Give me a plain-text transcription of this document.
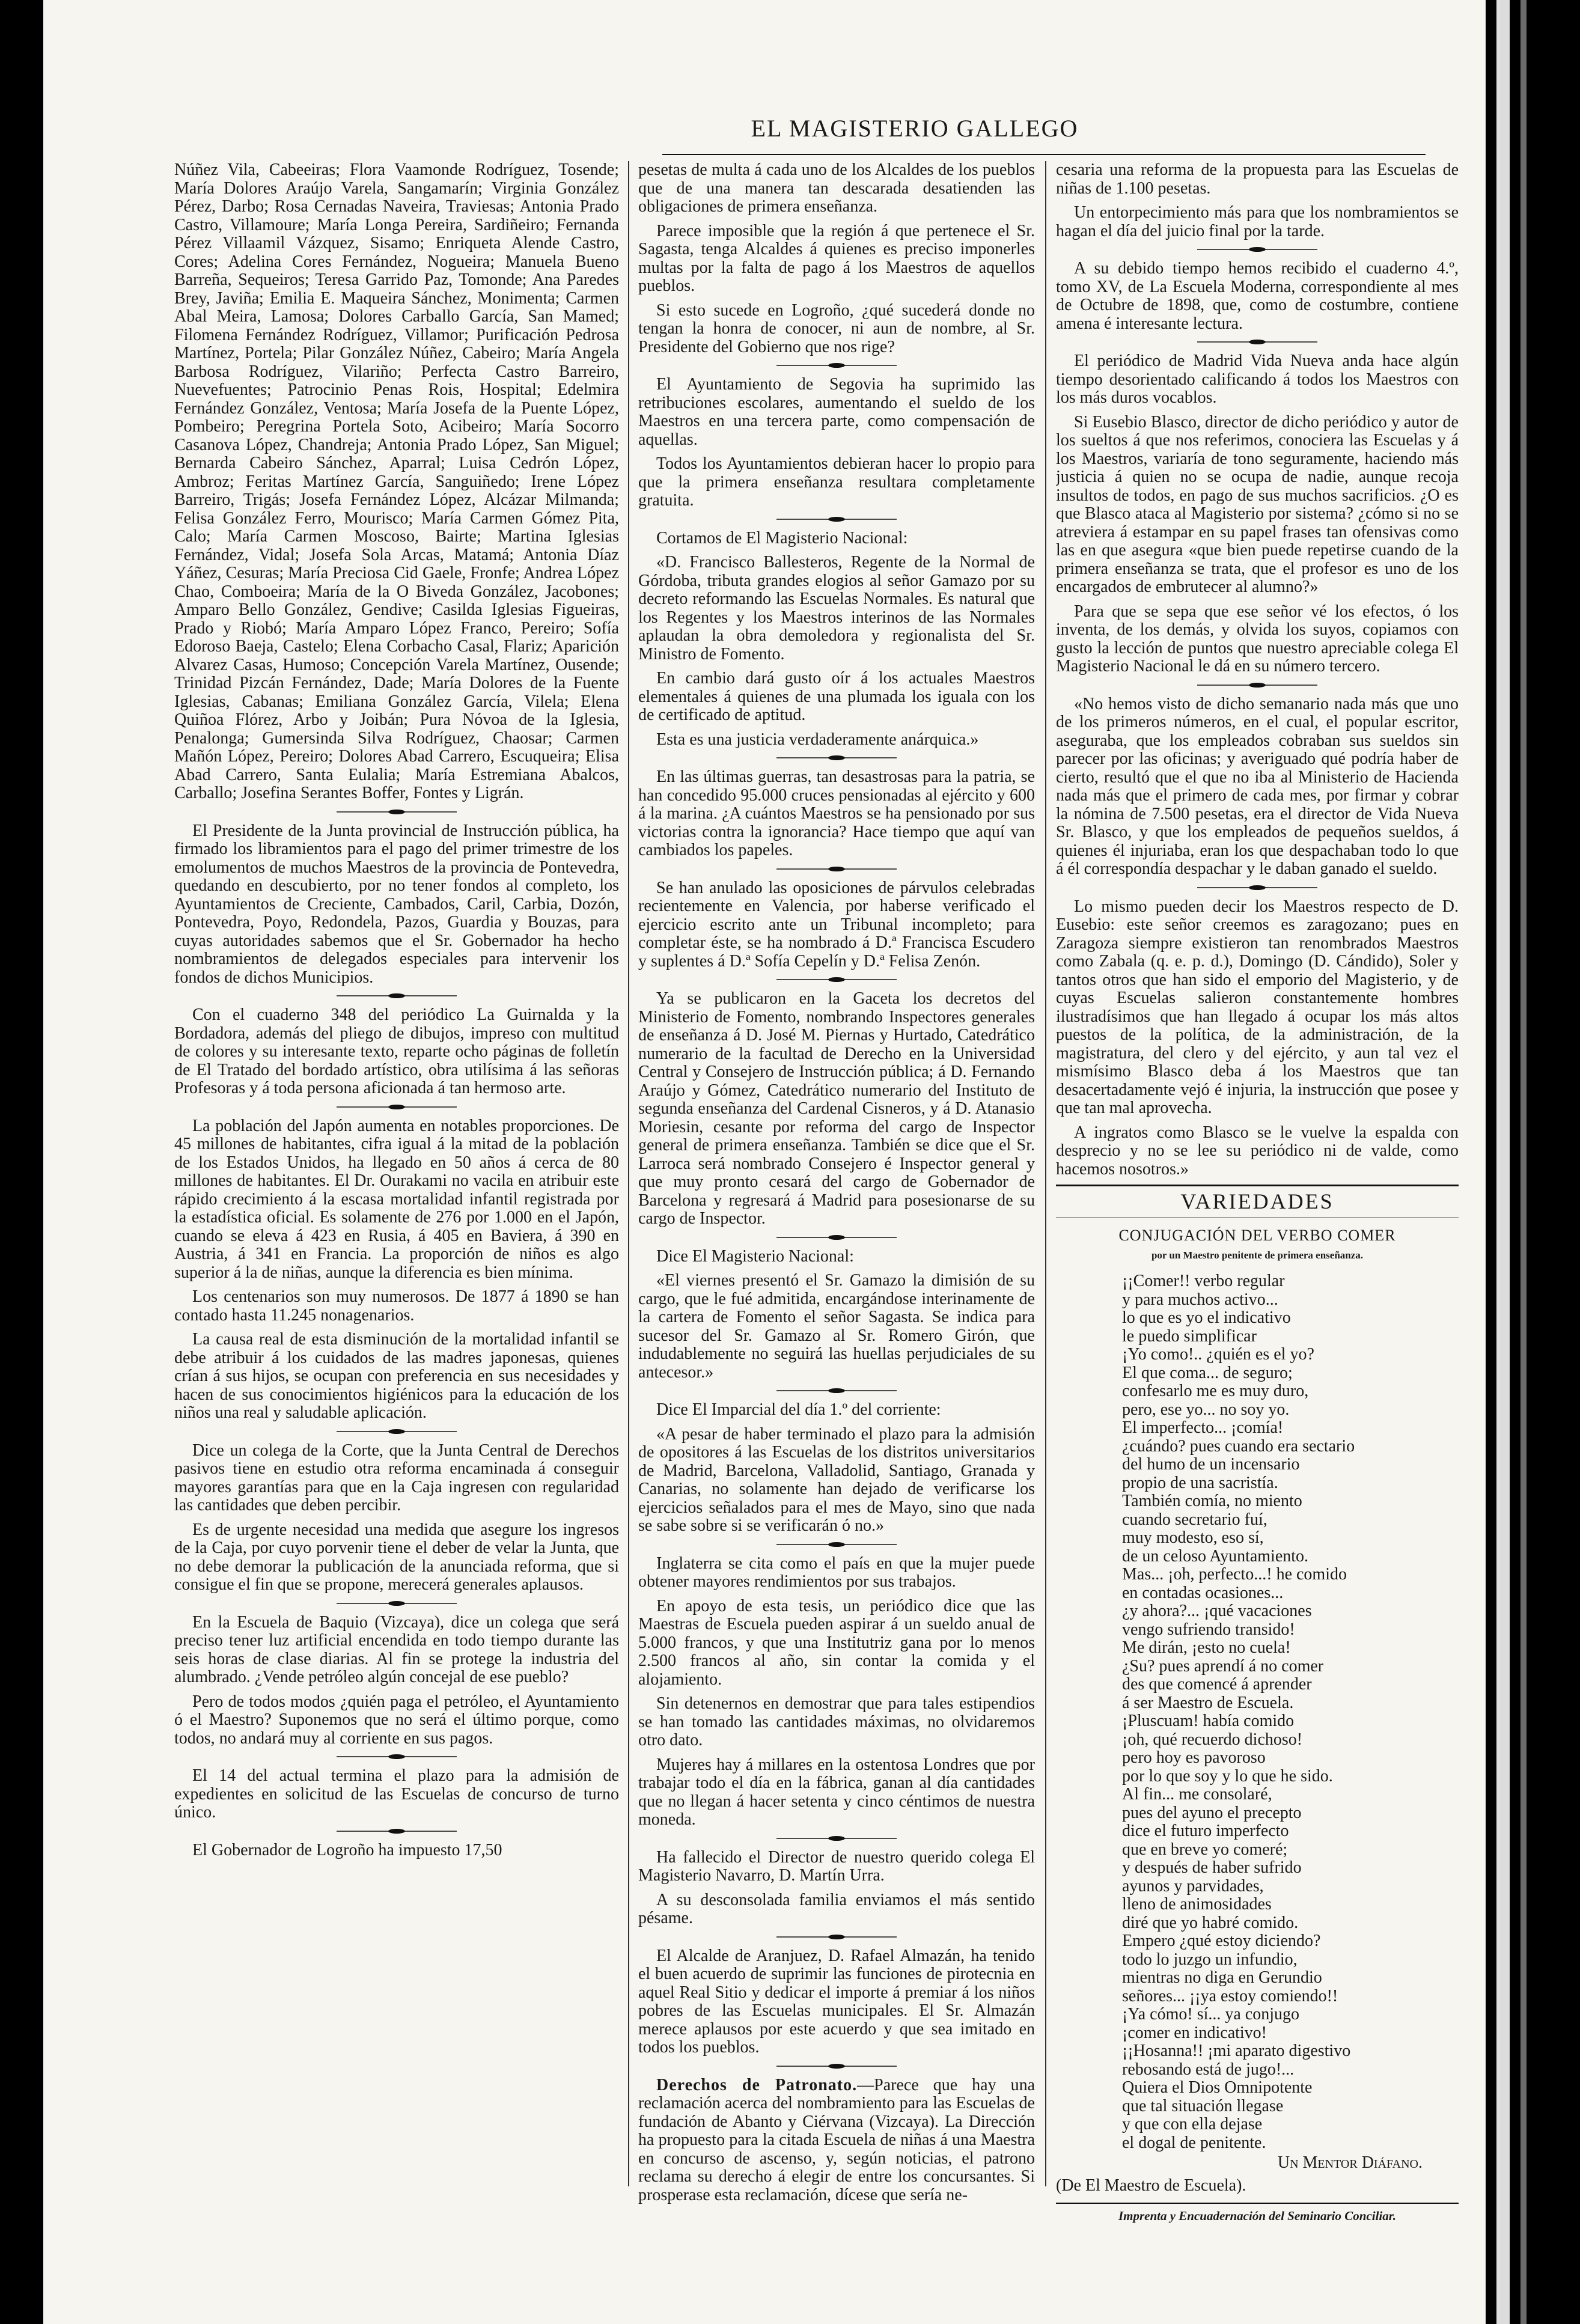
EL MAGISTERIO GALLEGO

Núñez Vila, Cabeeiras; Flora Vaamonde Rodríguez, Tosende; María Dolores Araújo Varela, Sangamarín; Virginia González Pérez, Darbo; Rosa Cernadas Naveira, Traviesas; Antonia Prado Castro, Villamoure; María Longa Pereira, Sardiñeiro; Fernanda Pérez Villaamil Vázquez, Sisamo; Enriqueta Alende Castro, Cores; Adelina Cores Fernández, Nogueira; Manuela Bueno Barreña, Sequeiros; Teresa Garrido Paz, Tomonde; Ana Paredes Brey, Javiña; Emilia E. Maqueira Sánchez, Monimenta; Carmen Abal Meira, Lamosa; Dolores Carballo García, San Mamed; Filomena Fernández Rodríguez, Villamor; Purificación Pedrosa Martínez, Portela; Pilar González Núñez, Cabeiro; María Angela Barbosa Rodríguez, Vilariño; Perfecta Castro Barreiro, Nuevefuentes; Patrocinio Penas Rois, Hospital; Edelmira Fernández González, Ventosa; María Josefa de la Puente López, Pombeiro; Peregrina Portela Soto, Acibeiro; María Socorro Casanova López, Chandreja; Antonia Prado López, San Miguel; Bernarda Cabeiro Sánchez, Aparral; Luisa Cedrón López, Ambroz; Feritas Martínez García, Sanguiñedo; Irene López Barreiro, Trigás; Josefa Fernández López, Alcázar Milmanda; Felisa González Ferro, Mourisco; María Carmen Gómez Pita, Calo; María Carmen Moscoso, Bairte; Martina Iglesias Fernández, Vidal; Josefa Sola Arcas, Matamá; Antonia Díaz Yáñez, Cesuras; María Preciosa Cid Gaele, Fronfe; Andrea López Chao, Comboeira; María de la O Biveda González, Jacobones; Amparo Bello González, Gendive; Casilda Iglesias Figueiras, Prado y Riobó; María Amparo López Franco, Pereiro; Sofía Edoroso Baeja, Castelo; Elena Corbacho Casal, Flariz; Aparición Alvarez Casas, Humoso; Concepción Varela Martínez, Ousende; Trinidad Pizcán Fernández, Dade; María Dolores de la Fuente Iglesias, Cabanas; Emiliana González García, Vilela; Elena Quiñoa Flórez, Arbo y Joibán; Pura Nóvoa de la Iglesia, Penalonga; Gumersinda Silva Rodríguez, Chaosar; Carmen Mañón López, Pereiro; Dolores Abad Carrero, Escuqueira; Elisa Abad Carrero, Santa Eulalia; María Estremiana Abalcos, Carballo; Josefina Serantes Boffer, Fontes y Ligrán.

El Presidente de la Junta provincial de Instrucción pública, ha firmado los libramientos para el pago del primer trimestre de los emolumentos de muchos Maestros de la provincia de Pontevedra, quedando en descubierto, por no tener fondos al completo, los Ayuntamientos de Creciente, Cambados, Caril, Carbia, Dozón, Pontevedra, Poyo, Redondela, Pazos, Guardia y Bouzas, para cuyas autoridades sabemos que el Sr. Gobernador ha hecho nombramientos de delegados especiales para intervenir los fondos de dichos Municipios.

Con el cuaderno 348 del periódico La Guirnalda y la Bordadora, además del pliego de dibujos, impreso con multitud de colores y su interesante texto, reparte ocho páginas de folletín de El Tratado del bordado artístico, obra utilísima á las señoras Profesoras y á toda persona aficionada á tan hermoso arte.

La población del Japón aumenta en notables proporciones. De 45 millones de habitantes, cifra igual á la mitad de la población de los Estados Unidos, ha llegado en 50 años á cerca de 80 millones de habitantes. El Dr. Ourakami no vacila en atribuir este rápido crecimiento á la escasa mortalidad infantil registrada por la estadística oficial. Es solamente de 276 por 1.000 en el Japón, cuando se eleva á 423 en Rusia, á 405 en Baviera, á 390 en Austria, á 341 en Francia. La proporción de niños es algo superior á la de niñas, aunque la diferencia es bien mínima.

Los centenarios son muy numerosos. De 1877 á 1890 se han contado hasta 11.245 nonagenarios.

La causa real de esta disminución de la mortalidad infantil se debe atribuir á los cuidados de las madres japonesas, quienes crían á sus hijos, se ocupan con preferencia en sus necesidades y hacen de sus conocimientos higiénicos para la educación de los niños una real y saludable aplicación.

Dice un colega de la Corte, que la Junta Central de Derechos pasivos tiene en estudio otra reforma encaminada á conseguir mayores garantías para que en la Caja ingresen con regularidad las cantidades que deben percibir.

Es de urgente necesidad una medida que asegure los ingresos de la Caja, por cuyo porvenir tiene el deber de velar la Junta, que no debe demorar la publicación de la anunciada reforma, que si consigue el fin que se propone, merecerá generales aplausos.

En la Escuela de Baquio (Vizcaya), dice un colega que será preciso tener luz artificial encendida en todo tiempo durante las seis horas de clase diarias. Al fin se protege la industria del alumbrado. ¿Vende petróleo algún concejal de ese pueblo?

Pero de todos modos ¿quién paga el petróleo, el Ayuntamiento ó el Maestro? Suponemos que no será el último porque, como todos, no andará muy al corriente en sus pagos.

El 14 del actual termina el plazo para la admisión de expedientes en solicitud de las Escuelas de concurso de turno único.

El Gobernador de Logroño ha impuesto 17,50

pesetas de multa á cada uno de los Alcaldes de los pueblos que de una manera tan descarada desatienden las obligaciones de primera enseñanza.

Parece imposible que la región á que pertenece el Sr. Sagasta, tenga Alcaldes á quienes es preciso imponerles multas por la falta de pago á los Maestros de aquellos pueblos.

Si esto sucede en Logroño, ¿qué sucederá donde no tengan la honra de conocer, ni aun de nombre, al Sr. Presidente del Gobierno que nos rige?

El Ayuntamiento de Segovia ha suprimido las retribuciones escolares, aumentando el sueldo de los Maestros en una tercera parte, como compensación de aquellas.

Todos los Ayuntamientos debieran hacer lo propio para que la primera enseñanza resultara completamente gratuita.

Cortamos de El Magisterio Nacional:

«D. Francisco Ballesteros, Regente de la Normal de Górdoba, tributa grandes elogios al señor Gamazo por su decreto reformando las Escuelas Normales. Es natural que los Regentes y los Maestros interinos de las Normales aplaudan la obra demoledora y regionalista del Sr. Ministro de Fomento.

En cambio dará gusto oír á los actuales Maestros elementales á quienes de una plumada los iguala con los de certificado de aptitud.

Esta es una justicia verdaderamente anárquica.»

En las últimas guerras, tan desastrosas para la patria, se han concedido 95.000 cruces pensionadas al ejército y 600 á la marina. ¿A cuántos Maestros se ha pensionado por sus victorias contra la ignorancia? Hace tiempo que aquí van cambiados los papeles.

Se han anulado las oposiciones de párvulos celebradas recientemente en Valencia, por haberse verificado el ejercicio escrito ante un Tribunal incompleto; para completar éste, se ha nombrado á D.ª Francisca Escudero y suplentes á D.ª Sofía Cepelín y D.ª Felisa Zenón.

Ya se publicaron en la Gaceta los decretos del Ministerio de Fomento, nombrando Inspectores generales de enseñanza á D. José M. Piernas y Hurtado, Catedrático numerario de la facultad de Derecho en la Universidad Central y Consejero de Instrucción pública; á D. Fernando Araújo y Gómez, Catedrático numerario del Instituto de segunda enseñanza del Cardenal Cisneros, y á D. Atanasio Moriesin, cesante por reforma del cargo de Inspector general de primera enseñanza. También se dice que el Sr. Larroca será nombrado Consejero é Inspector general y que muy pronto cesará del cargo de Gobernador de Barcelona y regresará á Madrid para posesionarse de su cargo de Inspector.

Dice El Magisterio Nacional:

«El viernes presentó el Sr. Gamazo la dimisión de su cargo, que le fué admitida, encargándose interinamente de la cartera de Fomento el señor Sagasta. Se indica para sucesor del Sr. Gamazo al Sr. Romero Girón, que indudablemente no seguirá las huellas perjudiciales de su antecesor.»

Dice El Imparcial del día 1.º del corriente:

«A pesar de haber terminado el plazo para la admisión de opositores á las Escuelas de los distritos universitarios de Madrid, Barcelona, Valladolid, Santiago, Granada y Canarias, no solamente han dejado de verificarse los ejercicios señalados para el mes de Mayo, sino que nada se sabe sobre si se verificarán ó no.»

Inglaterra se cita como el país en que la mujer puede obtener mayores rendimientos por sus trabajos.

En apoyo de esta tesis, un periódico dice que las Maestras de Escuela pueden aspirar á un sueldo anual de 5.000 francos, y que una Institutriz gana por lo menos 2.500 francos al año, sin contar la comida y el alojamiento.

Sin detenernos en demostrar que para tales estipendios se han tomado las cantidades máximas, no olvidaremos otro dato.

Mujeres hay á millares en la ostentosa Londres que por trabajar todo el día en la fábrica, ganan al día cantidades que no llegan á hacer setenta y cinco céntimos de nuestra moneda.

Ha fallecido el Director de nuestro querido colega El Magisterio Navarro, D. Martín Urra.

A su desconsolada familia enviamos el más sentido pésame.

El Alcalde de Aranjuez, D. Rafael Almazán, ha tenido el buen acuerdo de suprimir las funciones de pirotecnia en aquel Real Sitio y dedicar el importe á premiar á los niños pobres de las Escuelas municipales. El Sr. Almazán merece aplausos por este acuerdo y que sea imitado en todos los pueblos.

Derechos de Patronato.—Parece que hay una reclamación acerca del nombramiento para las Escuelas de fundación de Abanto y Ciérvana (Vizcaya). La Dirección ha propuesto para la citada Escuela de niñas á una Maestra en concurso de ascenso, y, según noticias, el patrono reclama su derecho á elegir de entre los concursantes. Si prosperase esta reclamación, dícese que sería ne-

cesaria una reforma de la propuesta para las Escuelas de niñas de 1.100 pesetas.

Un entorpecimiento más para que los nombramientos se hagan el día del juicio final por la tarde.

A su debido tiempo hemos recibido el cuaderno 4.º, tomo XV, de La Escuela Moderna, correspondiente al mes de Octubre de 1898, que, como de costumbre, contiene amena é interesante lectura.

El periódico de Madrid Vida Nueva anda hace algún tiempo desorientado calificando á todos los Maestros con los más duros vocablos.

Si Eusebio Blasco, director de dicho periódico y autor de los sueltos á que nos referimos, conociera las Escuelas y á los Maestros, variaría de tono seguramente, haciendo más justicia á quien no se ocupa de nadie, aunque recoja insultos de todos, en pago de sus muchos sacrificios. ¿O es que Blasco ataca al Magisterio por sistema? ¿cómo si no se atreviera á estampar en su papel frases tan ofensivas como las en que asegura «que bien puede repetirse cuando de la primera enseñanza se trata, que el profesor es uno de los encargados de embrutecer al alumno?»

Para que se sepa que ese señor vé los efectos, ó los inventa, de los demás, y olvida los suyos, copiamos con gusto la lección de puntos que nuestro apreciable colega El Magisterio Nacional le dá en su número tercero.

«No hemos visto de dicho semanario nada más que uno de los primeros números, en el cual, el popular escritor, aseguraba, que los empleados cobraban sus sueldos sin parecer por las oficinas; y averiguado qué podría haber de cierto, resultó que el que no iba al Ministerio de Hacienda nada más que el primero de cada mes, por firmar y cobrar la nómina de 7.500 pesetas, era el director de Vida Nueva Sr. Blasco, y que los empleados de pequeños sueldos, á quienes él injuriaba, eran los que despachaban todo lo que á él correspondía despachar y le daban ganado el sueldo.

Lo mismo pueden decir los Maestros respecto de D. Eusebio: este señor creemos es zaragozano; pues en Zaragoza siempre existieron tan renombrados Maestros como Zabala (q. e. p. d.), Domingo (D. Cándido), Soler y tantos otros que han sido el emporio del Magisterio, y de cuyas Escuelas salieron constantemente hombres ilustradísimos que han llegado á ocupar los más altos puestos de la política, de la administración, de la magistratura, del clero y del ejército, y aun tal vez el mismísimo Blasco deba á los Maestros que tan desacertadamente vejó é injuria, la instrucción que posee y que tan mal aprovecha.

A ingratos como Blasco se le vuelve la espalda con desprecio y no se lee su periódico ni de valde, como hacemos nosotros.»

VARIEDADES
CONJUGACIÓN DEL VERBO COMER
por un Maestro penitente de primera enseñanza.
¡¡Comer!! verbo regular
y para muchos activo...
lo que es yo el indicativo
le puedo simplificar
¡Yo como!.. ¿quién es el yo?
El que coma... de seguro;
confesarlo me es muy duro,
pero, ese yo... no soy yo.
El imperfecto... ¡comía!
¿cuándo? pues cuando era sectario
del humo de un incensario
propio de una sacristía.
También comía, no miento
cuando secretario fuí,
muy modesto, eso sí,
de un celoso Ayuntamiento.
Mas... ¡oh, perfecto...! he comido
en contadas ocasiones...
¿y ahora?... ¡qué vacaciones
vengo sufriendo transido!
Me dirán, ¡esto no cuela!
¿Su? pues aprendí á no comer
des que comencé á aprender
á ser Maestro de Escuela.
¡Pluscuam! había comido
¡oh, qué recuerdo dichoso!
pero hoy es pavoroso
por lo que soy y lo que he sido.
Al fin... me consolaré,
pues del ayuno el precepto
dice el futuro imperfecto
que en breve yo comeré;
y después de haber sufrido
ayunos y parvidades,
lleno de animosidades
diré que yo habré comido.
Empero ¿qué estoy diciendo?
todo lo juzgo un infundio,
mientras no diga en Gerundio
señores... ¡¡ya estoy comiendo!!
¡Ya cómo! sí... ya conjugo
¡comer en indicativo!
¡¡Hosanna!! ¡mi aparato digestivo
rebosando está de jugo!...
Quiera el Dios Omnipotente
que tal situación llegase
y que con ella dejase
el dogal de penitente.
Un Mentor Diáfano.
(De El Maestro de Escuela).
Imprenta y Encuadernación del Seminario Conciliar.
